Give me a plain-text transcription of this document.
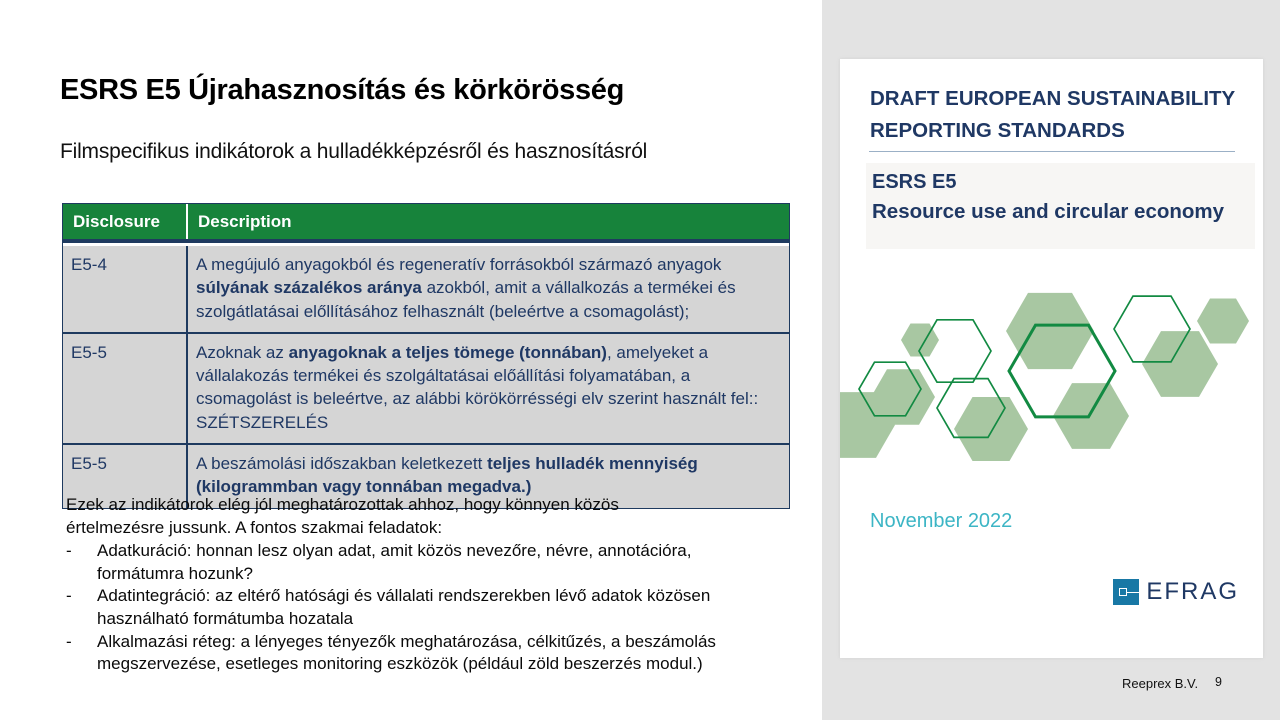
ESRS E5 Újrahasznosítás és körkörösség
Filmspecifikus indikátorok a hulladékképzésről és hasznosításról
Disclosure	Description
E5-4	A megújuló anyagokból és regeneratív forrásokból származó anyagok súlyának százalékos aránya azokból, amit a vállalkozás a termékei és szolgátlatásai előllításához felhasznált (beleértve a csomagolást);
E5-5	Azoknak az anyagoknak a teljes tömege (tonnában), amelyeket a vállalakozás termékei és szolgáltatásai előállítási folyamatában, a csomagolást is beleértve, az alábbi körökörrésségi elv szerint használt fel:: SZÉTSZERELÉS
E5-5	A beszámolási időszakban keletkezett teljes hulladék mennyiség (kilogrammban vagy tonnában megadva.)
Ezek az indikátorok elég jól meghatározottak ahhoz, hogy könnyen közös értelmezésre jussunk. A fontos szakmai feladatok:
-	Adatkuráció: honnan lesz olyan adat, amit közös nevezőre, névre, annotációra, formátumra hozunk?
-	Adatintegráció: az eltérő hatósági és vállalati rendszerekben lévő adatok közösen használható formátumba hozatala
-	Alkalmazási réteg: a lényeges tényezők meghatározása, célkitűzés, a beszámolás megszervezése, esetleges monitoring eszközök (például zöld beszerzés modul.)
DRAFT EUROPEAN SUSTAINABILITY REPORTING STANDARDS
ESRS E5
Resource use and circular economy
November 2022
EFRAG
Reeprex B.V. 9
